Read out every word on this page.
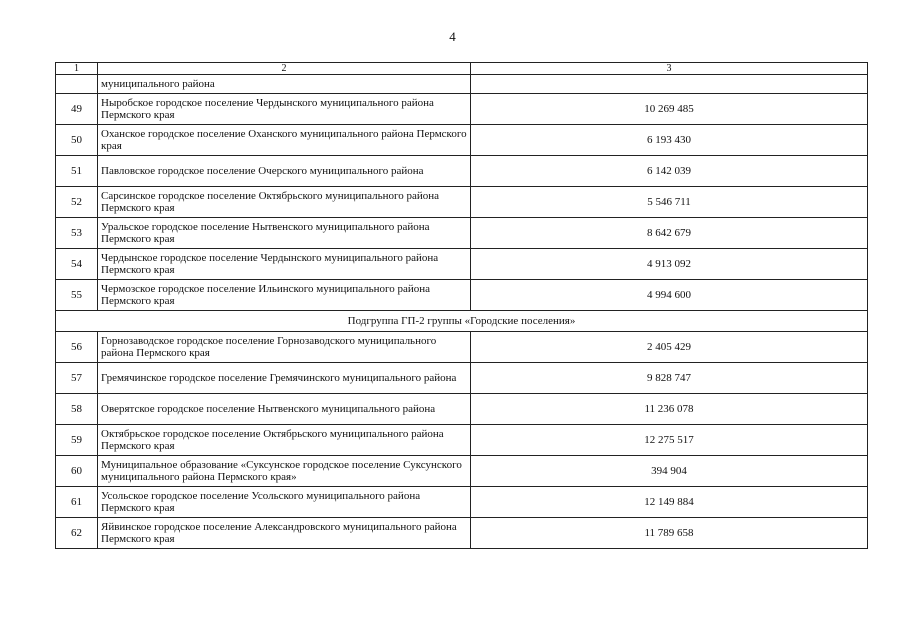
4
1	2	3
	муниципального района	
49	Ныробское городское поселение Чердынского муниципального района Пермского края	10 269 485
50	Оханское городское поселение Оханского муниципального района Пермского края	6 193 430
51	Павловское городское поселение Очерского муниципального района	6 142 039
52	Сарсинское городское поселение Октябрьского муниципального района Пермского края	5 546 711
53	Уральское городское поселение Нытвенского муниципального района Пермского края	8 642 679
54	Чердынское городское поселение Чердынского муниципального района Пермского края	4 913 092
55	Чермозское городское поселение Ильинского муниципального района Пермского края	4 994 600
Подгруппа ГП-2 группы «Городские поселения»		
56	Горнозаводское городское поселение Горнозаводского муниципального района Пермского края	2 405 429
57	Гремячинское городское поселение Гремячинского муниципального района	9 828 747
58	Оверятское городское поселение Нытвенского муниципального района	11 236 078
59	Октябрьское городское поселение Октябрьского муниципального района Пермского края	12 275 517
60	Муниципальное образование «Суксунское городское поселение Суксунского муниципального района Пермского края»	394 904
61	Усольское городское поселение Усольского муниципального района Пермского края	12 149 884
62	Яйвинское городское поселение Александровского муниципального района Пермского края	11 789 658
